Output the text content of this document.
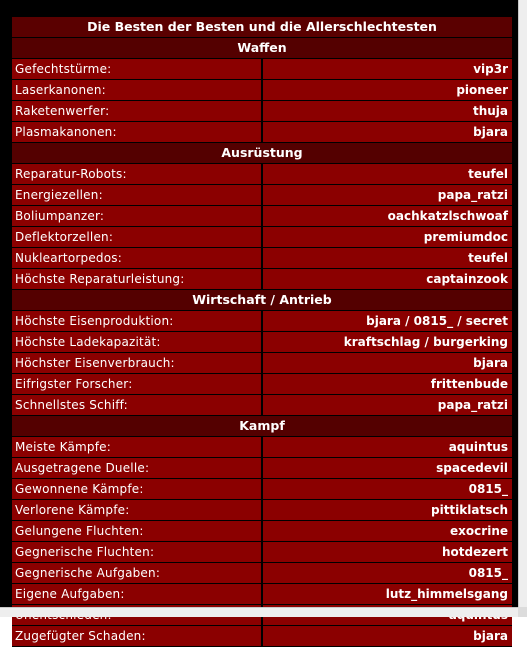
Die Besten der Besten und die Allerschlechtesten	
Waffen	
Gefechtstürme:	vip3r
Laserkanonen:	pioneer
Raketenwerfer:	thuja
Plasmakanonen:	bjara
Ausrüstung	
Reparatur-Robots:	teufel
Energiezellen:	papa_ratzi
Boliumpanzer:	oachkatzlschwoaf
Deflektorzellen:	premiumdoc
Nukleartorpedos:	teufel
Höchste Reparaturleistung:	captainzook
Wirtschaft / Antrieb	
Höchste Eisenproduktion:	bjara / 0815_ / secret
Höchste Ladekapazität:	kraftschlag / burgerking
Höchster Eisenverbrauch:	bjara
Eifrigster Forscher:	frittenbude
Schnellstes Schiff:	papa_ratzi
Kampf	
Meiste Kämpfe:	aquintus
Ausgetragene Duelle:	spacedevil
Gewonnene Kämpfe:	0815_
Verlorene Kämpfe:	pittiklatsch
Gelungene Fluchten:	exocrine
Gegnerische Fluchten:	hotdezert
Gegnerische Aufgaben:	0815_
Eigene Aufgaben:	lutz_himmelsgang

Zugefügter Schaden:	bjara
